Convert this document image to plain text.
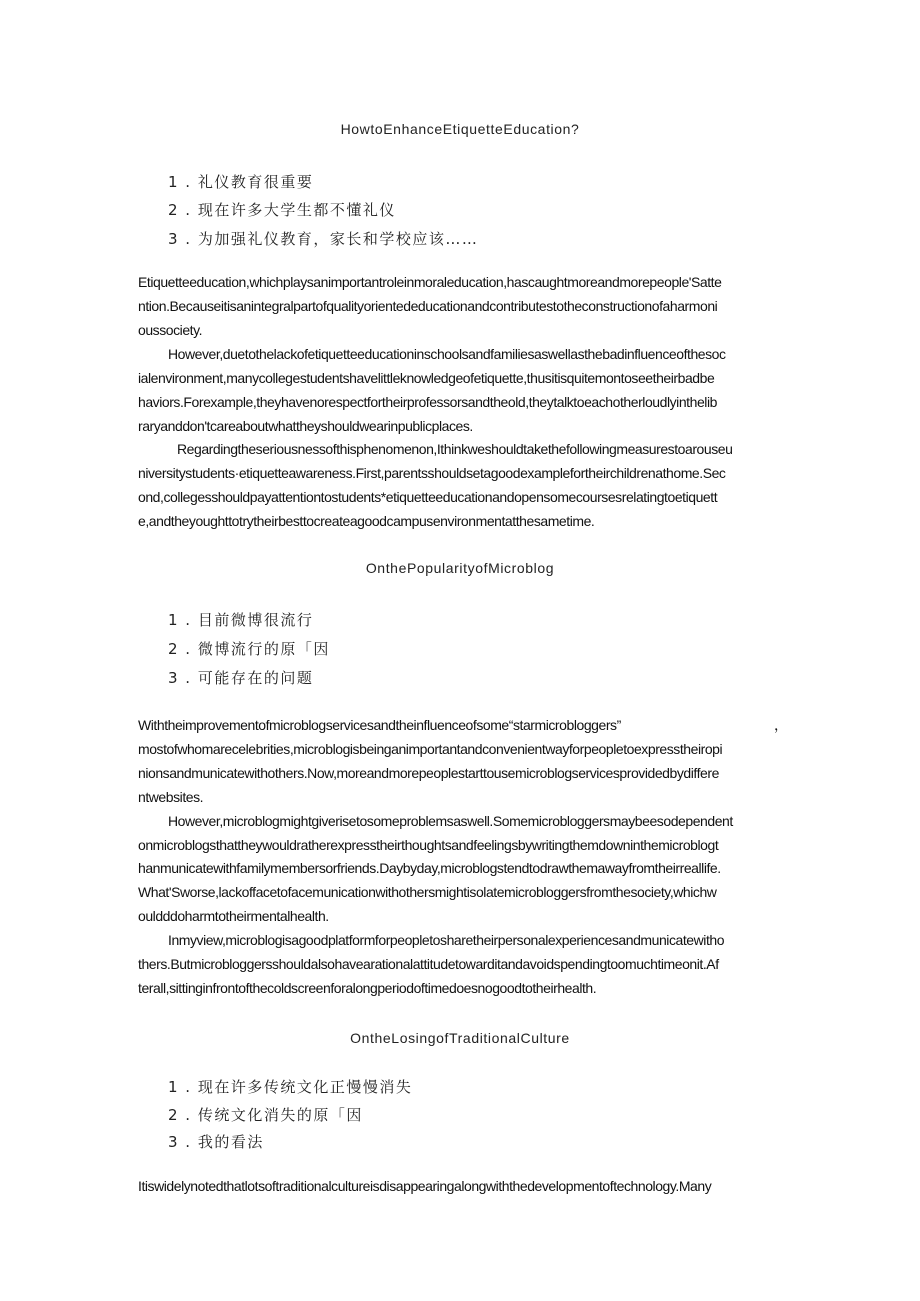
HowtoEnhanceEtiquetteEducation?
1 . 礼仪教育很重要
2 . 现在许多大学生都不懂礼仪
3 . 为加强礼仪教育，家长和学校应该……
Etiquetteeducation,whichplaysanimportantroleinmoraleducation,hascaughtmoreandmorepeople'Satte
ntion.Becauseitisanintegralpartofqualityorientededucationandcontributestotheconstructionofaharmoni
oussociety.
However,duetothelackofetiquetteeducationinschoolsandfamiliesaswellasthebadinfluenceofthesoc
ialenvironment,manycollegestudentshavelittleknowledgeofetiquette,thusitisquitemontoseetheirbadbe
haviors.Forexample,theyhavenorespectfortheirprofessorsandtheold,theytalktoeachotherloudlyinthelib
raryanddon'tcareaboutwhattheyshouldwearinpublicplaces.
Regardingtheseriousnessofthisphenomenon,Ithinkweshouldtakethefollowingmeasurestoarouseu
niversitystudents·etiquetteawareness.First,parentsshouldsetagoodexamplefortheirchildrenathome.Sec
ond,collegesshouldpayattentiontostudents*etiquetteeducationandopensomecoursesrelatingtoetiquett
e,andtheyoughttotrytheirbesttocreateagoodcampusenvironmentatthesametime.
OnthePopularityofMicroblog
1 . 目前微博很流行
2 . 微博流行的原「因
3 . 可能存在的问题
Withtheimprovementofmicroblogservicesandtheinfluenceofsome“starmicrobloggers”	，
mostofwhomarecelebrities,microblogisbeinganimportantandconvenientwayforpeopletoexpresstheiropi
nionsandmunicatewithothers.Now,moreandmorepeoplestarttousemicroblogservicesprovidedbydiffere
ntwebsites.
However,microblogmightgiverisetosomeproblemsaswell.Somemicrobloggersmaybeesodependent
onmicroblogsthattheywouldratherexpresstheirthoughtsandfeelingsbywritingthemdowninthemicroblogt
hanmunicatewithfamilymembersorfriends.Daybyday,microblogstendtodrawthemawayfromtheirreallife.
What'Sworse,lackoffacetofacemunicationwithothersmightisolatemicrobloggersfromthesociety,whichw
ouldddoharmtotheirmentalhealth.
Inmyview,microblogisagoodplatformforpeopletosharetheirpersonalexperiencesandmunicatewitho
thers.Butmicrobloggersshouldalsohavearationalattitudetowarditandavoidspendingtoomuchtimeonit.Af
terall,sittinginfrontofthecoldscreenforalongperiodoftimedoesnogoodtotheirhealth.
OntheLosingofTraditionalCulture
1 . 现在许多传统文化正慢慢消失
2 . 传统文化消失的原「因
3 . 我的看法
Itiswidelynotedthatlotsoftraditionalcultureisdisappearingalongwiththedevelopmentoftechnology.Many
